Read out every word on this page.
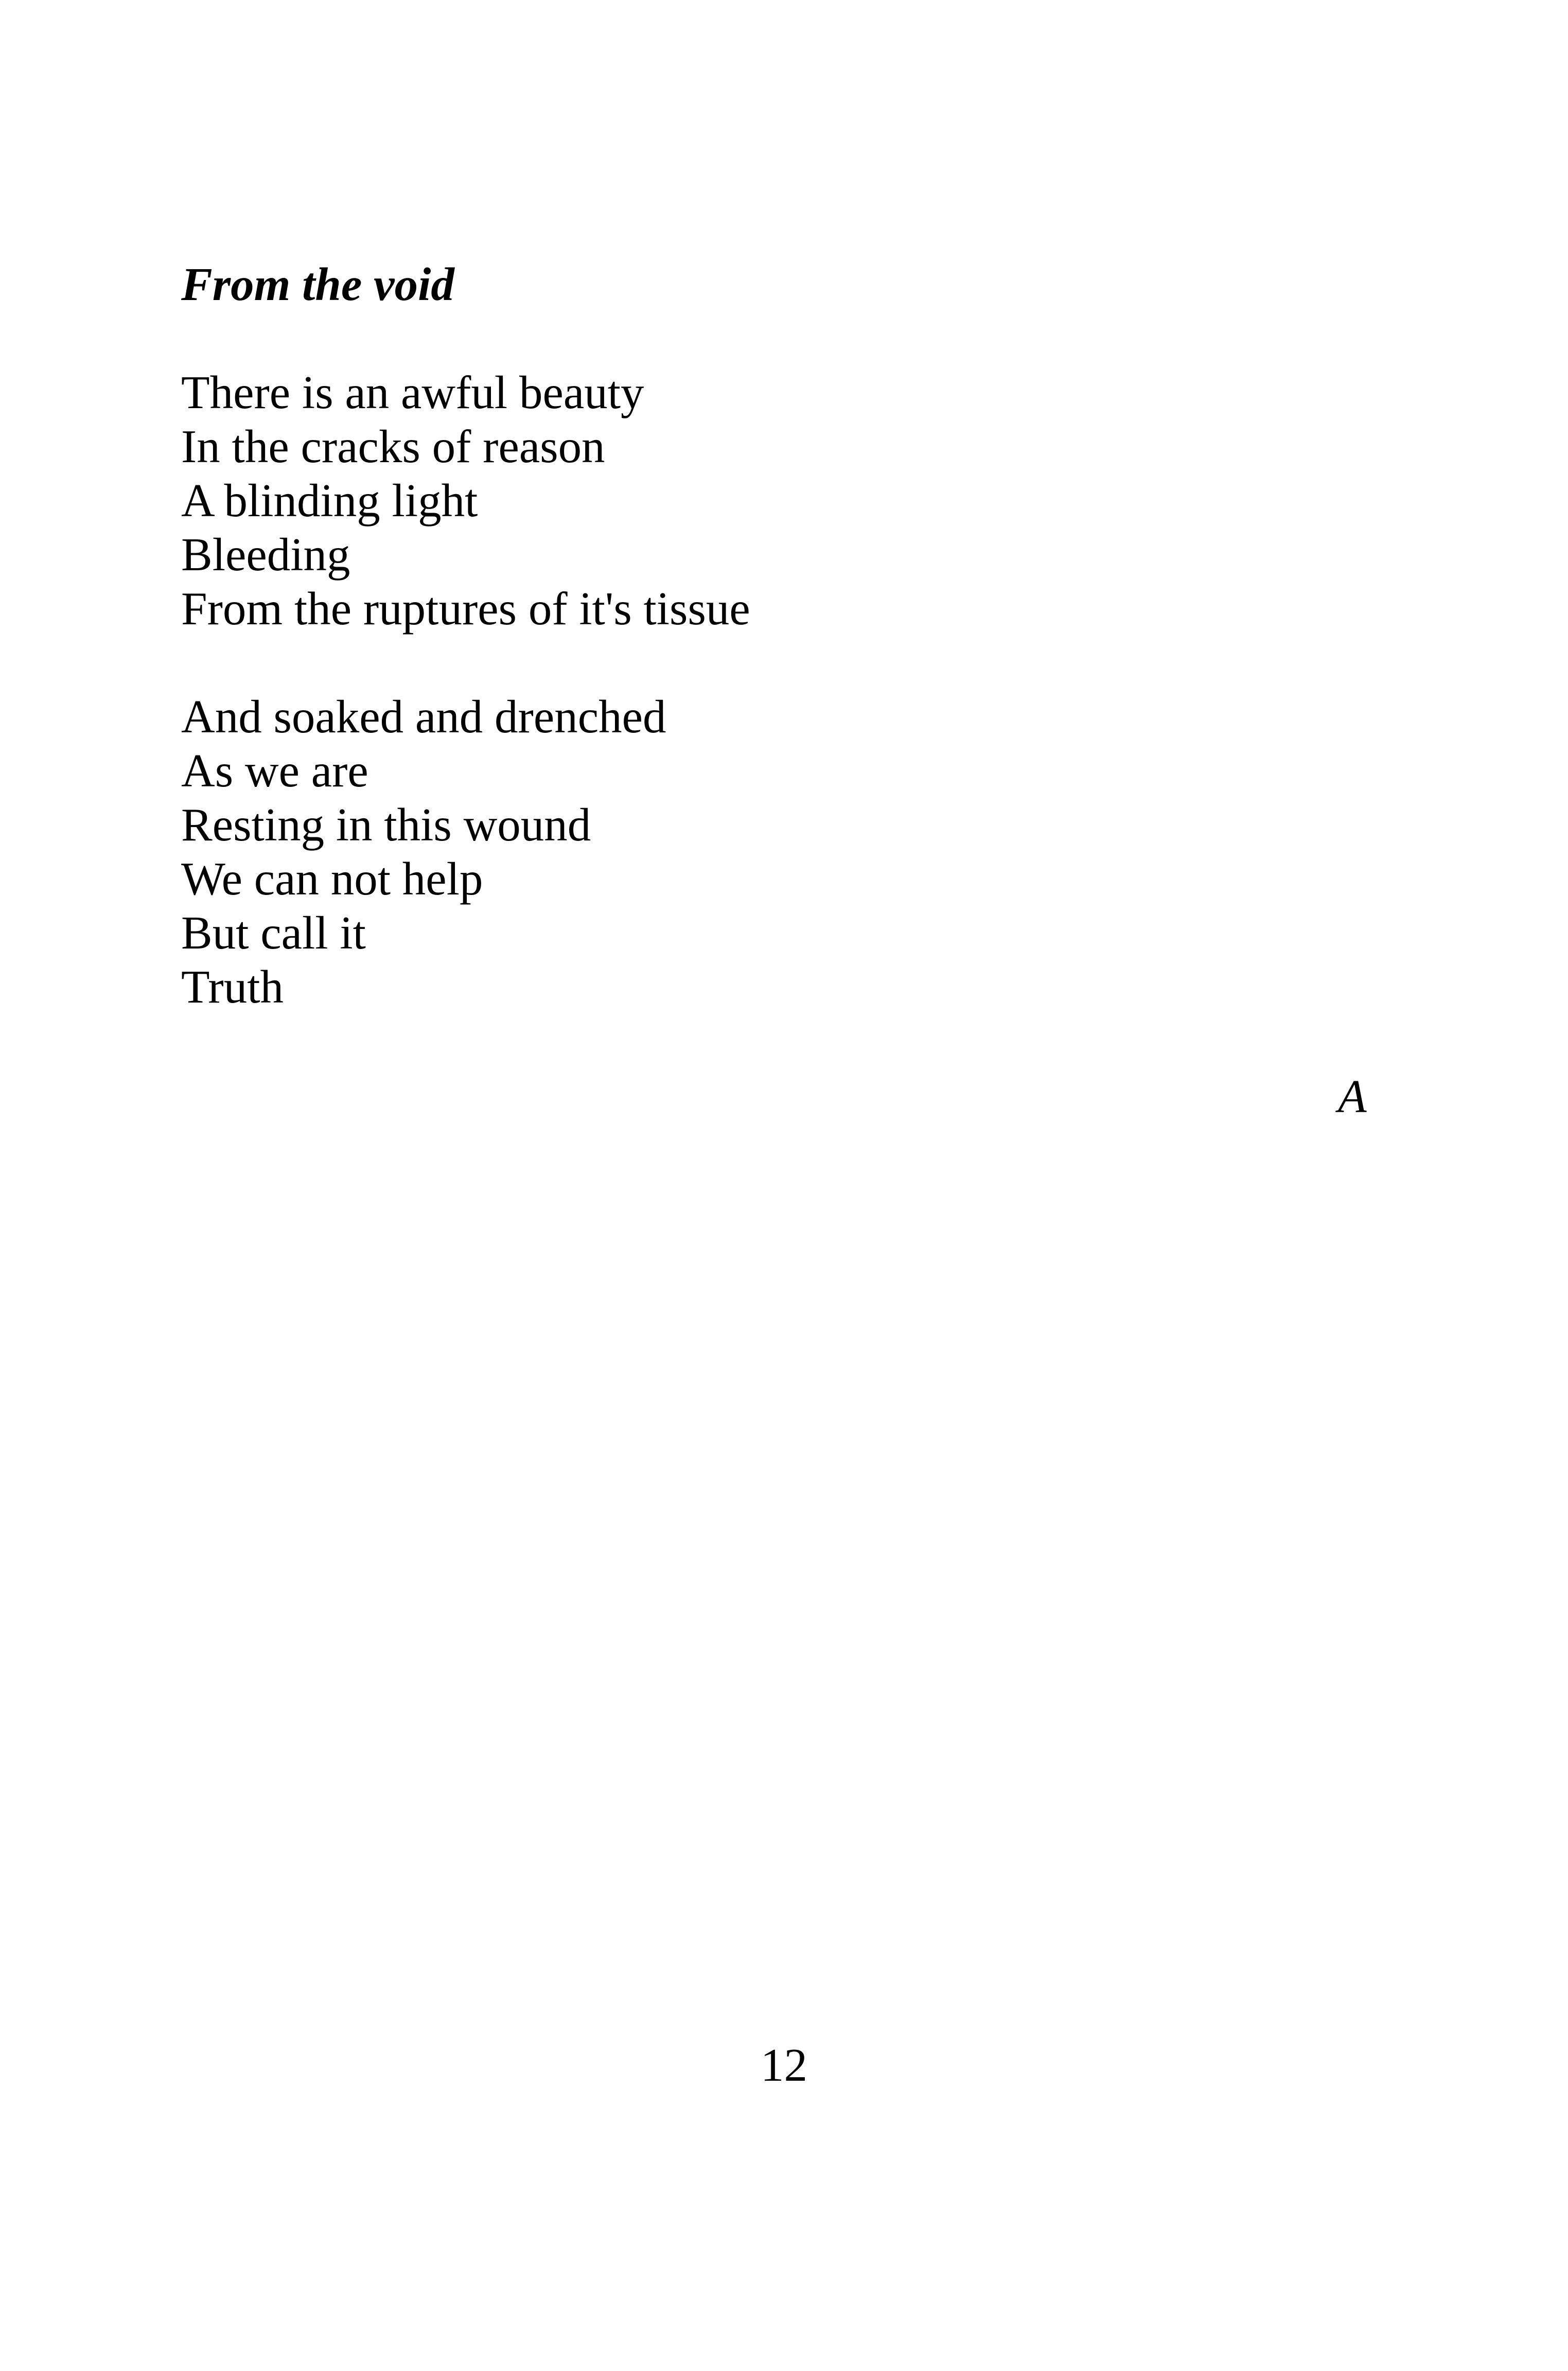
From the void
There is an awful beauty
In the cracks of reason
A blinding light
Bleeding
From the ruptures of it's tissue
And soaked and drenched
As we are
Resting in this wound
We can not help
But call it
Truth
A
12
